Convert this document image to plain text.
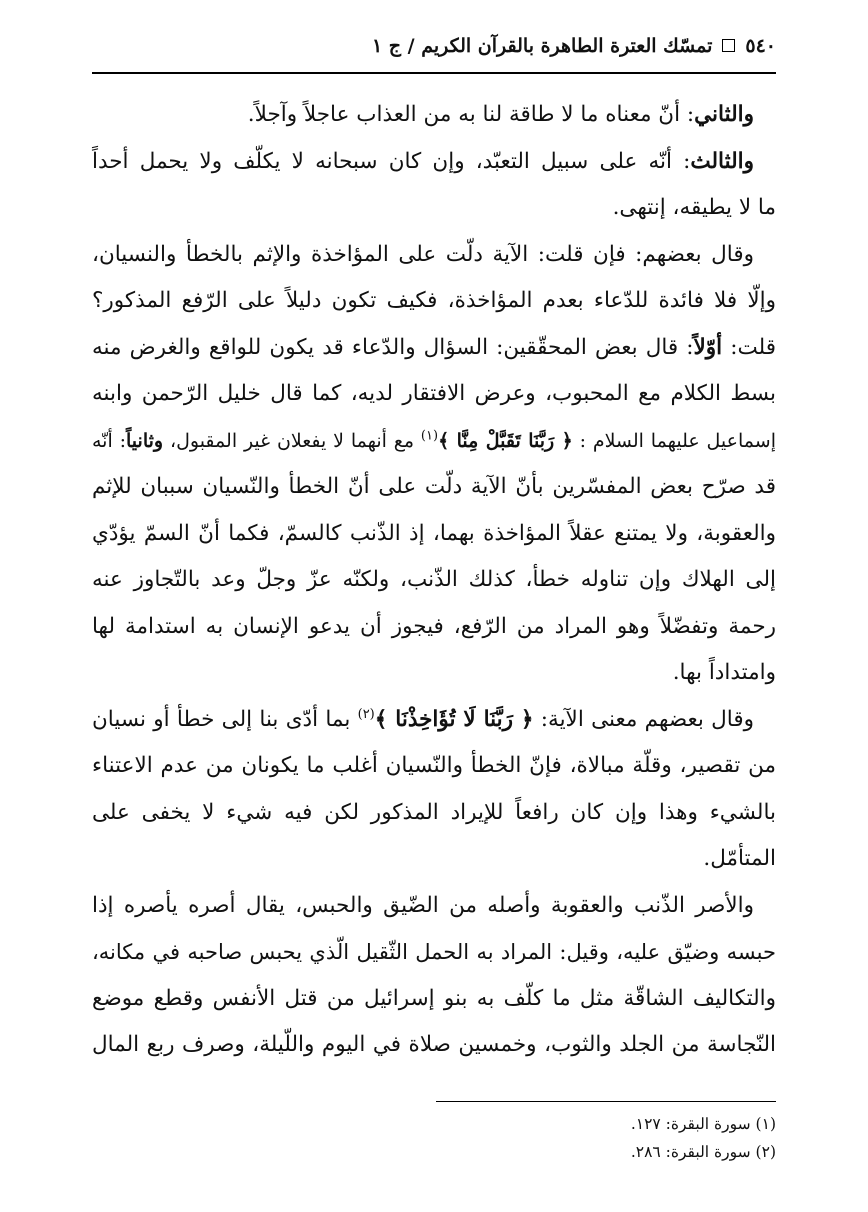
٥٤٠تمسّك العترة الطاهرة بالقرآن الكريم / ج ١
والثاني: أنّ معناه ما لا طاقة لنا به من العذاب عاجلاً وآجلاً.
والثالث: أنّه على سبيل التعبّد، وإن كان سبحانه لا يكلّف ولا يحمل أحداً
ما لا يطيقه، إنتهى.
وقال بعضهم: فإن قلت: الآية دلّت على المؤاخذة والإثم بالخطأ والنسيان،
وإلّا فلا فائدة للدّعاء بعدم المؤاخذة، فكيف تكون دليلاً على الرّفع المذكور؟
قلت: أوّلاً: قال بعض المحقّقين: السؤال والدّعاء قد يكون للواقع والغرض منه
بسط الكلام مع المحبوب، وعرض الافتقار لديه، كما قال خليل الرّحمن وابنه
إسماعيل عليهما السلام : ﴿ رَبَّنَا تَقَبَّلْ مِنَّا ﴾$^{(١)}$ مع أنهما لا يفعلان غير المقبول، وثانياً: أنّه
قد صرّح بعض المفسّرين بأنّ الآية دلّت على أنّ الخطأ والنّسيان سببان للإثم
والعقوبة، ولا يمتنع عقلاً المؤاخذة بهما، إذ الذّنب كالسمّ، فكما أنّ السمّ يؤدّي
إلى الهلاك وإن تناوله خطأ، كذلك الذّنب، ولكنّه عزّ وجلّ وعد بالتّجاوز عنه
رحمة وتفضّلاً وهو المراد من الرّفع، فيجوز أن يدعو الإنسان به استدامة لها
وامتداداً بها.
وقال بعضهم معنى الآية: ﴿ رَبَّنَا لَا تُؤَاخِذْنَا ﴾$^{(٢)}$ بما أدّى بنا إلى خطأ أو نسيان
من تقصير، وقلّة مبالاة، فإنّ الخطأ والنّسيان أغلب ما يكونان من عدم الاعتناء
بالشيء وهذا وإن كان رافعاً للإيراد المذكور لكن فيه شيء لا يخفى على
المتأمّل.
والأصر الذّنب والعقوبة وأصله من الضّيق والحبس، يقال أصره يأصره إذا
حبسه وضيّق عليه، وقيل: المراد به الحمل الثّقيل الّذي يحبس صاحبه في مكانه،
والتكاليف الشاقّة مثل ما كلّف به بنو إسرائيل من قتل الأنفس وقطع موضع
النّجاسة من الجلد والثوب، وخمسين صلاة في اليوم واللّيلة، وصرف ربع المال
(١) سورة البقرة: ١٢٧.
(٢) سورة البقرة: ٢٨٦.
